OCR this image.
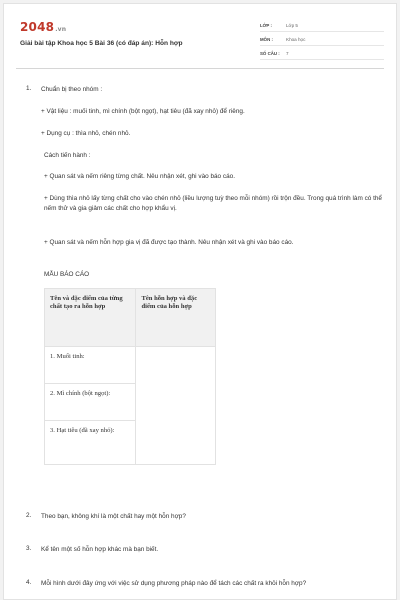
2048.vn
Giải bài tập Khoa học 5 Bài 36 (có đáp án): Hỗn hợp
LỚP :	Lớp 5
MÔN :	Khoa học
SỐ CÂU :	7
1. Chuẩn bị theo nhóm :
+ Vật liệu : muối tinh, mì chính (bột ngọt), hạt tiêu (đã xay nhỏ) để riêng.
+ Dụng cụ : thìa nhỏ, chén nhỏ.
Cách tiến hành :
+ Quan sát và nếm riêng từng chất. Nêu nhận xét, ghi vào báo cáo.
+ Dùng thìa nhỏ lấy từng chất cho vào chén nhỏ (liều lượng tuỳ theo mỗi nhóm) rồi trộn đều. Trong quá trình làm có thể nếm thử và gia giảm các chất cho hợp khẩu vị.
+ Quan sát và nếm hỗn hợp gia vị đã được tạo thành. Nêu nhận xét và ghi vào báo cáo.
MẪU BÁO CÁO
Tên và đặc điểm của từng chất tạo ra hỗn hợp	Tên hỗn hợp và đặc điểm của hỗn hợp
1. Muối tinh:	
2. Mì chính (bột ngọt):	
3. Hạt tiêu (đã xay nhỏ):	
2. Theo bạn, không khí là một chất hay một hỗn hợp?
3. Kể tên một số hỗn hợp khác mà bạn biết.
4. Mỗi hình dưới đây ứng với việc sử dụng phương pháp nào để tách các chất ra khỏi hỗn hợp?
